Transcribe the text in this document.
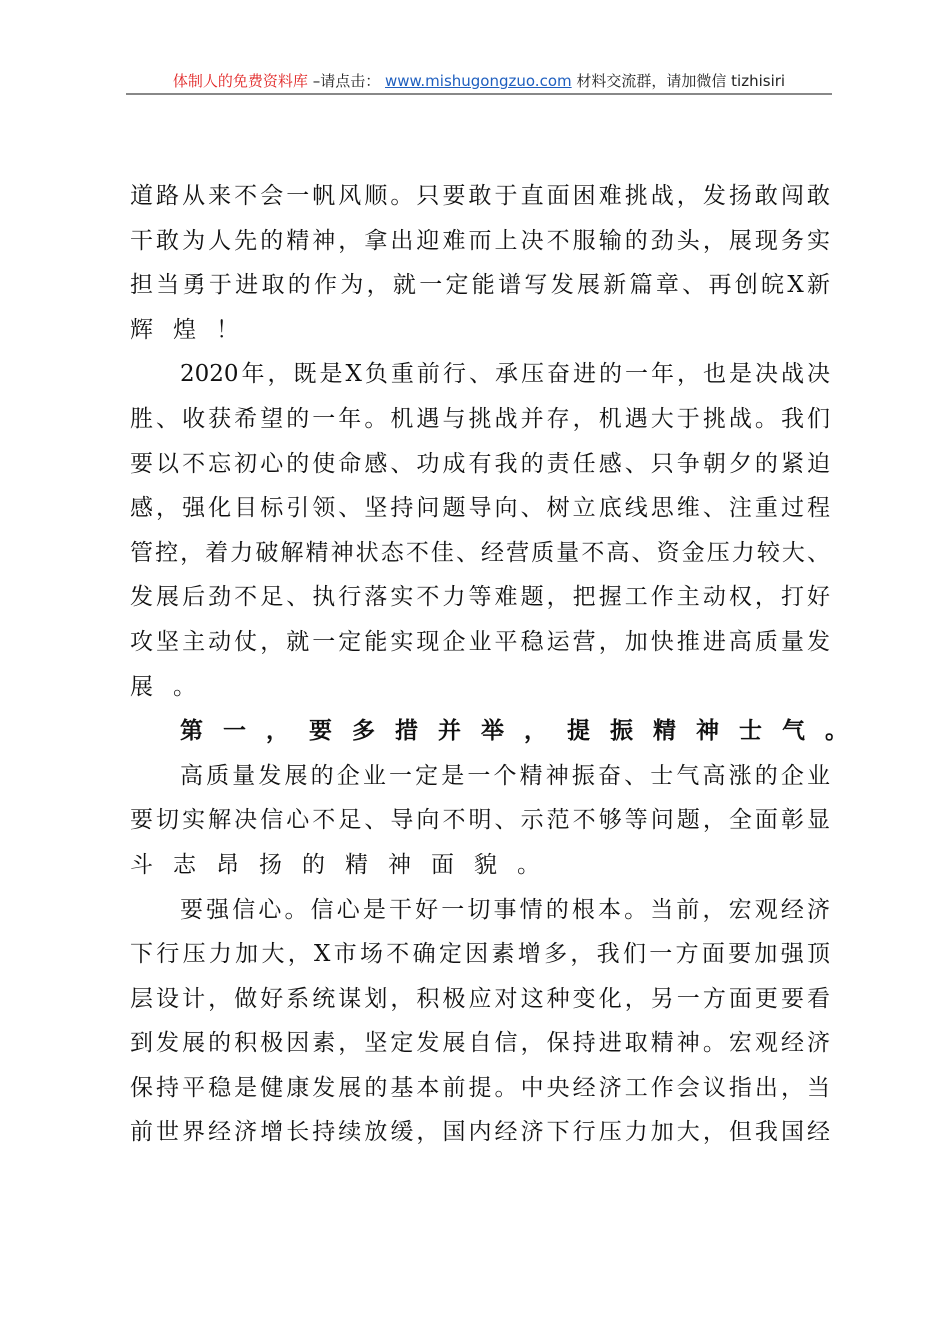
体制人的免费资料库 –请点击： www.mishugongzuo.com 材料交流群，请加微信 tizhisiri
道路从来不会一帆风顺。只要敢于直面困难挑战，发扬敢闯敢
干敢为人先的精神，拿出迎难而上决不服输的劲头，展现务实
担当勇于进取的作为，就一定能谱写发展新篇章、再创皖X新
辉煌！
2020年，既是X负重前行、承压奋进的一年，也是决战决
胜、收获希望的一年。机遇与挑战并存，机遇大于挑战。我们
要以不忘初心的使命感、功成有我的责任感、只争朝夕的紧迫
感，强化目标引领、坚持问题导向、树立底线思维、注重过程
管控，着力破解精神状态不佳、经营质量不高、资金压力较大、
发展后劲不足、执行落实不力等难题，把握工作主动权，打好
攻坚主动仗，就一定能实现企业平稳运营，加快推进高质量发
展。
第一，要多措并举，提振精神士气。
高质量发展的企业一定是一个精神振奋、士气高涨的企业
要切实解决信心不足、导向不明、示范不够等问题，全面彰显
斗志昂扬的精神面貌。
要强信心。信心是干好一切事情的根本。当前，宏观经济
下行压力加大，X市场不确定因素增多，我们一方面要加强顶
层设计，做好系统谋划，积极应对这种变化，另一方面更要看
到发展的积极因素，坚定发展自信，保持进取精神。宏观经济
保持平稳是健康发展的基本前提。中央经济工作会议指出，当
前世界经济增长持续放缓，国内经济下行压力加大，但我国经
